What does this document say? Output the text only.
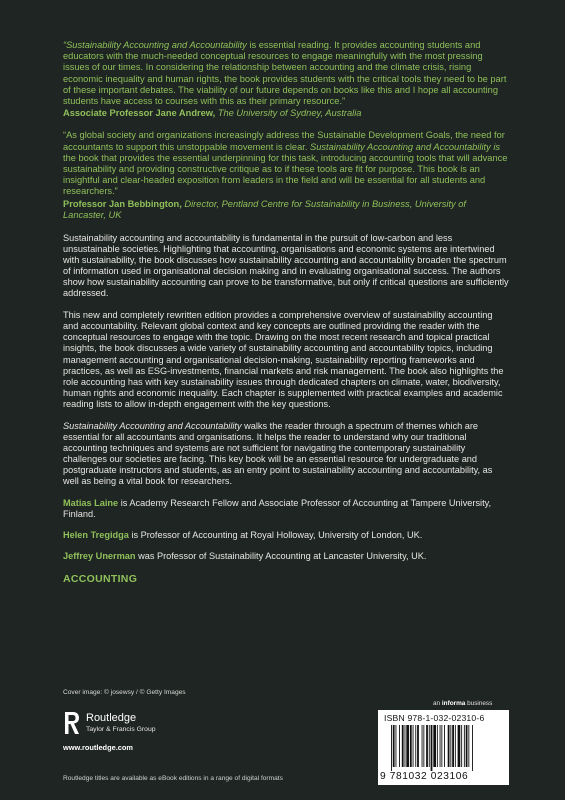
“Sustainability Accounting and Accountability is essential reading. It provides accounting students and educators with the much-needed conceptual resources to engage meaningfully with the most pressing issues of our times. In considering the relationship between accounting and the climate crisis, rising economic inequality and human rights, the book provides students with the critical tools they need to be part of these important debates. The viability of our future depends on books like this and I hope all accounting students have access to courses with this as their primary resource.”

Associate Professor Jane Andrew, The University of Sydney, Australia

“As global society and organizations increasingly address the Sustainable Development Goals, the need for accountants to support this unstoppable movement is clear. Sustainability Accounting and Accountability is the book that provides the essential underpinning for this task, introducing accounting tools that will advance sustainability and providing constructive critique as to if these tools are fit for purpose. This book is an insightful and clear-headed exposition from leaders in the field and will be essential for all students and researchers.”

Professor Jan Bebbington, Director, Pentland Centre for Sustainability in Business, University of Lancaster, UK

Sustainability accounting and accountability is fundamental in the pursuit of low-carbon and less unsustainable societies. Highlighting that accounting, organisations and economic systems are intertwined with sustainability, the book discusses how sustainability accounting and accountability broaden the spectrum of information used in organisational decision making and in evaluating organisational success. The authors show how sustainability accounting can prove to be transformative, but only if critical questions are sufficiently addressed.

This new and completely rewritten edition provides a comprehensive overview of sustainability accounting and accountability. Relevant global context and key concepts are outlined providing the reader with the conceptual resources to engage with the topic. Drawing on the most recent research and topical practical insights, the book discusses a wide variety of sustainability accounting and accountability topics, including management accounting and organisational decision-making, sustainability reporting frameworks and practices, as well as ESG-investments, financial markets and risk management. The book also highlights the role accounting has with key sustainability issues through dedicated chapters on climate, water, biodiversity, human rights and economic inequality. Each chapter is supplemented with practical examples and academic reading lists to allow in-depth engagement with the key questions.

Sustainability Accounting and Accountability walks the reader through a spectrum of themes which are essential for all accountants and organisations. It helps the reader to understand why our traditional accounting techniques and systems are not sufficient for navigating the contemporary sustainability challenges our societies are facing. This key book will be an essential resource for undergraduate and postgraduate instructors and students, as an entry point to sustainability accounting and accountability, as well as being a vital book for researchers.

Matias Laine is Academy Research Fellow and Associate Professor of Accounting at Tampere University, Finland.

Helen Tregidga is Professor of Accounting at Royal Holloway, University of London, UK.

Jeffrey Unerman was Professor of Sustainability Accounting at Lancaster University, UK.

ACCOUNTING

Cover image: © josewsy / © Getty Images
Routledge
Taylor & Francis Group
www.routledge.com
an informa business
ISBN 978-1-032-02310-6
9 781032 023106
Routledge titles are available as eBook editions in a range of digital formats
